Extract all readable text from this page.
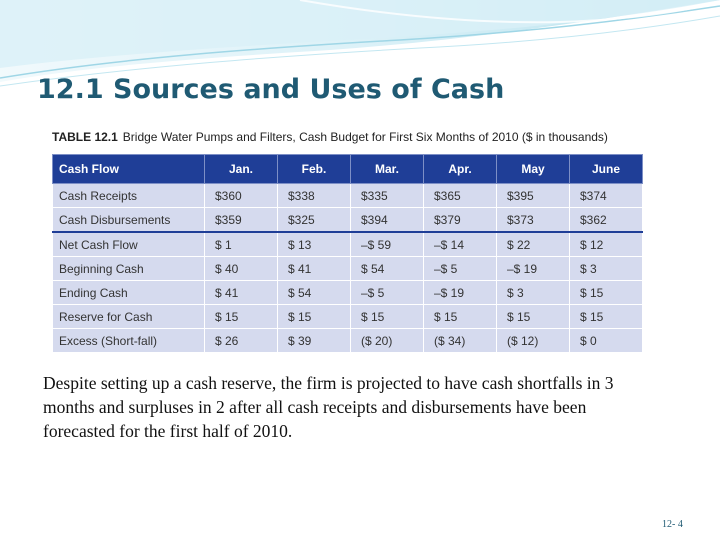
12.1 Sources and Uses of Cash
TABLE 12.1 Bridge Water Pumps and Filters, Cash Budget for First Six Months of 2010 ($ in thousands)
Cash Flow	Jan.	Feb.	Mar.	Apr.	May	June
Cash Receipts	$360	$338	$335	$365	$395	$374
Cash Disbursements	$359	$325	$394	$379	$373	$362
Net Cash Flow	$ 1	$ 13	–$ 59	–$ 14	$ 22	$ 12
Beginning Cash	$ 40	$ 41	$ 54	–$ 5	–$ 19	$ 3
Ending Cash	$ 41	$ 54	–$ 5	–$ 19	$ 3	$ 15
Reserve for Cash	$ 15	$ 15	$ 15	$ 15	$ 15	$ 15
Excess (Short-fall)	$ 26	$ 39	($ 20)	($ 34)	($ 12)	$ 0

Despite setting up a cash reserve, the firm is projected to have cash shortfalls in 3 months and surpluses in 2 after all cash receipts and disbursements have been forecasted for the first half of 2010.

12- 4
